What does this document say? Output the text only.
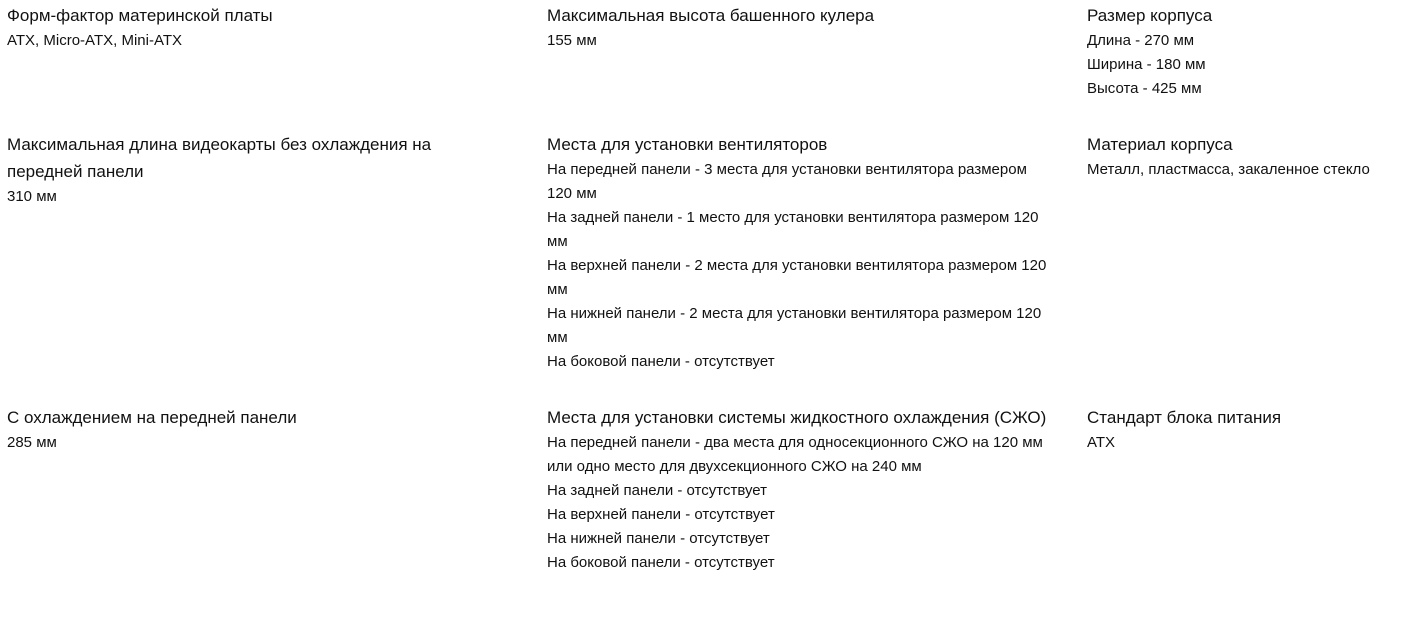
Форм-фактор материнской платы
ATX, Micro-ATX, Mini-ATX
Максимальная высота башенного кулера
155 мм
Размер корпуса
Длина - 270 мм
Ширина - 180 мм
Высота - 425 мм
Максимальная длина видеокарты без охлаждения на передней панели
310 мм
Места для установки вентиляторов
На передней панели - 3 места для установки вентилятора размером 120 мм
На задней панели - 1 место для установки вентилятора размером 120 мм
На верхней панели - 2 места для установки вентилятора размером 120 мм
На нижней панели - 2 места для установки вентилятора размером 120 мм
На боковой панели - отсутствует
Материал корпуса
Металл, пластмасса, закаленное стекло
С охлаждением на передней панели
285 мм
Места для установки системы жидкостного охлаждения (СЖО)
На передней панели - два места для односекционного СЖО на 120 мм или одно место для двухсекционного СЖО на 240 мм
На задней панели - отсутствует
На верхней панели - отсутствует
На нижней панели - отсутствует
На боковой панели - отсутствует
Стандарт блока питания
ATX
